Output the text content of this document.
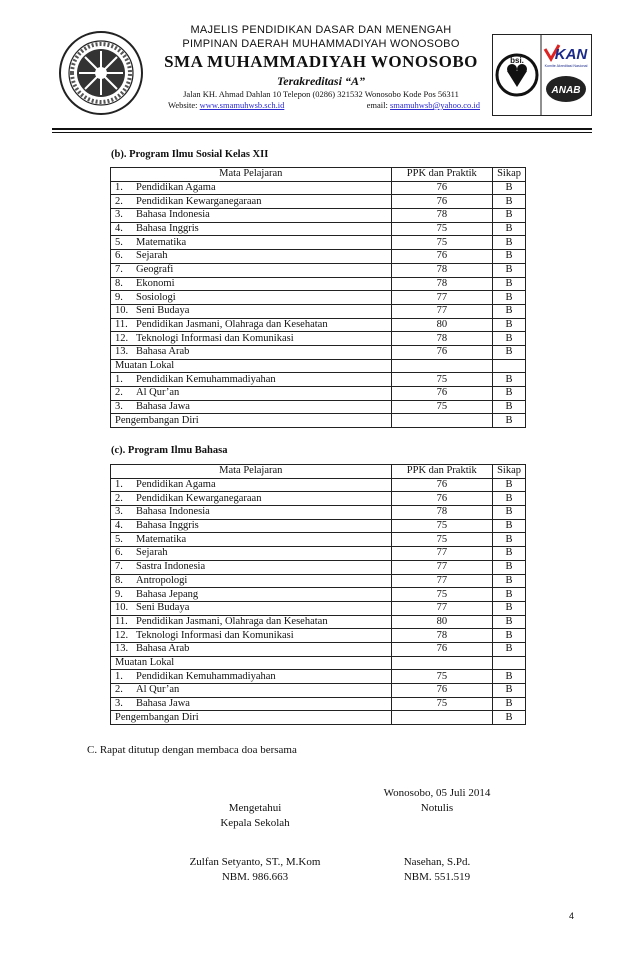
MAJELIS PENDIDIKAN DASAR DAN MENENGAH
PIMPINAN DAERAH MUHAMMADIYAH WONOSOBO
SMA MUHAMMADIYAH WONOSOBO
Terakreditasi “A”
Jalan KH. Ahmad Dahlan 10 Telepon (0286) 321532 Wonosobo Kode Pos 56311
Website: www.smamuhwsb.sch.id	email: smamuhwsb@yahoo.co.id
bsi. KAN
Komite Akreditasi Nasional
ANAB
(b). Program Ilmu Sosial Kelas XII
Mata Pelajaran	PPK dan Praktik	Sikap
1. Pendidikan Agama	76	B
2. Pendidikan Kewarganegaraan	76	B
3. Bahasa Indonesia	78	B
4. Bahasa Inggris	75	B
5. Matematika	75	B
6. Sejarah	76	B
7. Geografi	78	B
8. Ekonomi	78	B
9. Sosiologi	77	B
10. Seni Budaya	77	B
11. Pendidikan Jasmani, Olahraga dan Kesehatan	80	B
12. Teknologi Informasi dan Komunikasi	78	B
13. Bahasa Arab	76	B
Muatan Lokal		
1. Pendidikan Kemuhammadiyahan	75	B
2. Al Qur’an	76	B
3. Bahasa Jawa	75	B
Pengembangan Diri		B
(c). Program Ilmu Bahasa
Mata Pelajaran	PPK dan Praktik	Sikap
1. Pendidikan Agama	76	B
2. Pendidikan Kewarganegaraan	76	B
3. Bahasa Indonesia	78	B
4. Bahasa Inggris	75	B
5. Matematika	75	B
6. Sejarah	77	B
7. Sastra Indonesia	77	B
8. Antropologi	77	B
9. Bahasa Jepang	75	B
10. Seni Budaya	77	B
11. Pendidikan Jasmani, Olahraga dan Kesehatan	80	B
12. Teknologi Informasi dan Komunikasi	78	B
13. Bahasa Arab	76	B
Muatan Lokal		
1. Pendidikan Kemuhammadiyahan	75	B
2. Al Qur’an	76	B
3. Bahasa Jawa	75	B
Pengembangan Diri		B
C. Rapat ditutup dengan membaca doa bersama
Wonosobo, 05 Juli 2014
Mengetahui
Kepala Sekolah
Notulis
Zulfan Setyanto, ST., M.Kom
NBM. 986.663
Nasehan, S.Pd.
NBM. 551.519
4
